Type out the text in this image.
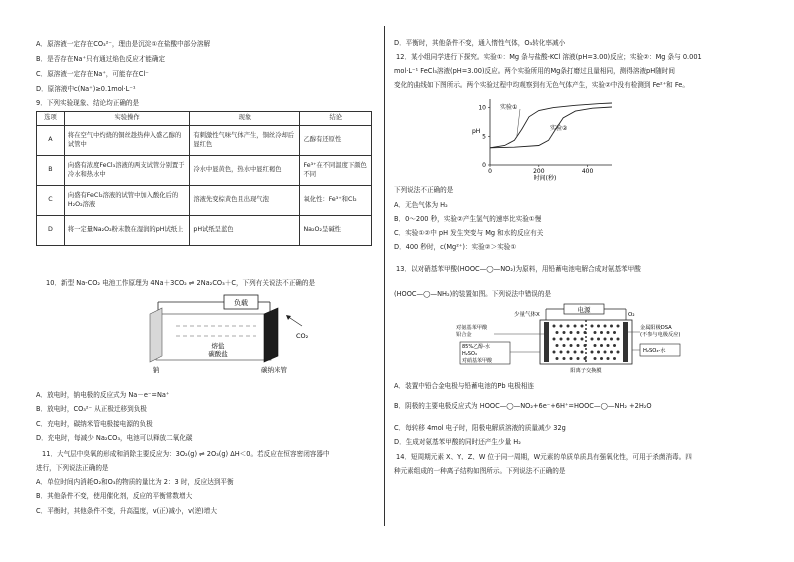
A．原溶液一定存在CO₃²⁻，理由是沉淀①在盐酸中部分溶解
B．是否存在Na⁺只有通过焰色反应才能确定
C．原溶液一定存在Na⁺，可能存在Cl⁻
D．原溶液中c(Na⁺)≥0.1mol·L⁻¹
9．下列实验现象、结论均正确的是
选项	实验操作	现象	结论
A	将在空气中灼烧的铜丝趁热伸入盛乙醇的试管中	有刺激性气味气体产生，铜丝冷却后显红色	乙醇有还原性
B	向盛有浓度FeCl₃溶液的两支试管分别置于冷水和热水中	冷水中显黄色，热水中显红褐色	Fe³⁺在不同温度下颜色不同
C	向盛有FeCl₂溶液的试管中加入酸化后的H₂O₂溶液	溶液先变棕黄色且出现气泡	氧化性：Fe³⁺和Cl₂
D	将一定量Na₂O₂粉末散在湿润的pH试纸上	pH试纸呈蓝色	Na₂O₂呈碱性
10．新型 Na-CO₂ 电池工作原理为 4Na＋3CO₂ ⇌ 2Na₂CO₃＋C，下列有关说法不正确的是
负载
熔盐
碳酸盐
CO₂
钠	碳纳米管
A．放电时，钠电极的反应式为 Na－e⁻=Na⁺
B．放电时，CO₃²⁻ 从正极迁移到负极
C．充电时，碳纳米管电极接电源的负极
D．充电时，每减少 Na₂CO₃，电池可以释放二氧化碳
11．大气层中臭氧的形成和消除主要反应为：3O₂(g) ⇌ 2O₃(g) ΔH＜0。若反应在恒容密闭容器中
进行，下列说法正确的是
A．单位时间内消耗O₂和O₃的物质的量比为 2：3 时，反应达到平衡
B．其他条件不变，使用催化剂，反应的平衡常数增大
C．平衡时，其他条件不变，升高温度，v(正)减小，v(逆)增大
D．平衡时，其他条件不变，通入惰性气体，O₃转化率减小
12．某小组同学进行下探究。实验①：Mg 条与盐酸-KCl 溶液(pH=3.00)反应；实验②：Mg 条与 0.001
mol·L⁻¹ FeCl₃溶液(pH=3.00)反应。两个实验所用的Mg条打磨过且量相同，测得溶液pH随时间
变化的曲线如下图所示。两个实验过程中均观察到有无色气体产生，实验②中没有检测到 Fe²⁺和 Fe。
0
5
10
0	200	400
pH
时间(秒)
实验①
实验②
下列说法不正确的是
A．无色气体为 H₂
B．0～200 秒，实验②产生氢气的速率比实验①慢
C．实验①②中 pH 发生突变与 Mg 和水的反应有关
D．400 秒时，c(Mg²⁺)：实验②＞实验①
13．以对硝基苯甲酸(HOOC—◯—NO₂)为原料，用铅蓄电池电解合成对氨基苯甲酸
(HOOC—◯—NH₂)的装置如图。下列说法中错误的是
电源
少量气体X	O₂
对氨基苯甲酸
铅合金
85%乙醇-水
H₂SO₄
对硝基苯甲酸
金属阳极DSA
(不参与电极反应)
H₂SO₄-水
阳离子交换膜
A．装置中铅合金电极与铅蓄电池的Pb 电极相连
B．阴极的主要电极反应式为 HOOC—◯—NO₂+6e⁻+6H⁺=HOOC—◯—NH₂ +2H₂O
C．每转移 4mol 电子时，阳极电解质溶液的质量减少 32g
D．生成对氨基苯甲酸的同时还产生少量 H₂
14．短周期元素 X、Y、Z、W 位于同一周期，W元素的单质单质具有强氧化性，可用于杀菌消毒。四
种元素组成的一种离子结构如图所示。下列说法不正确的是
